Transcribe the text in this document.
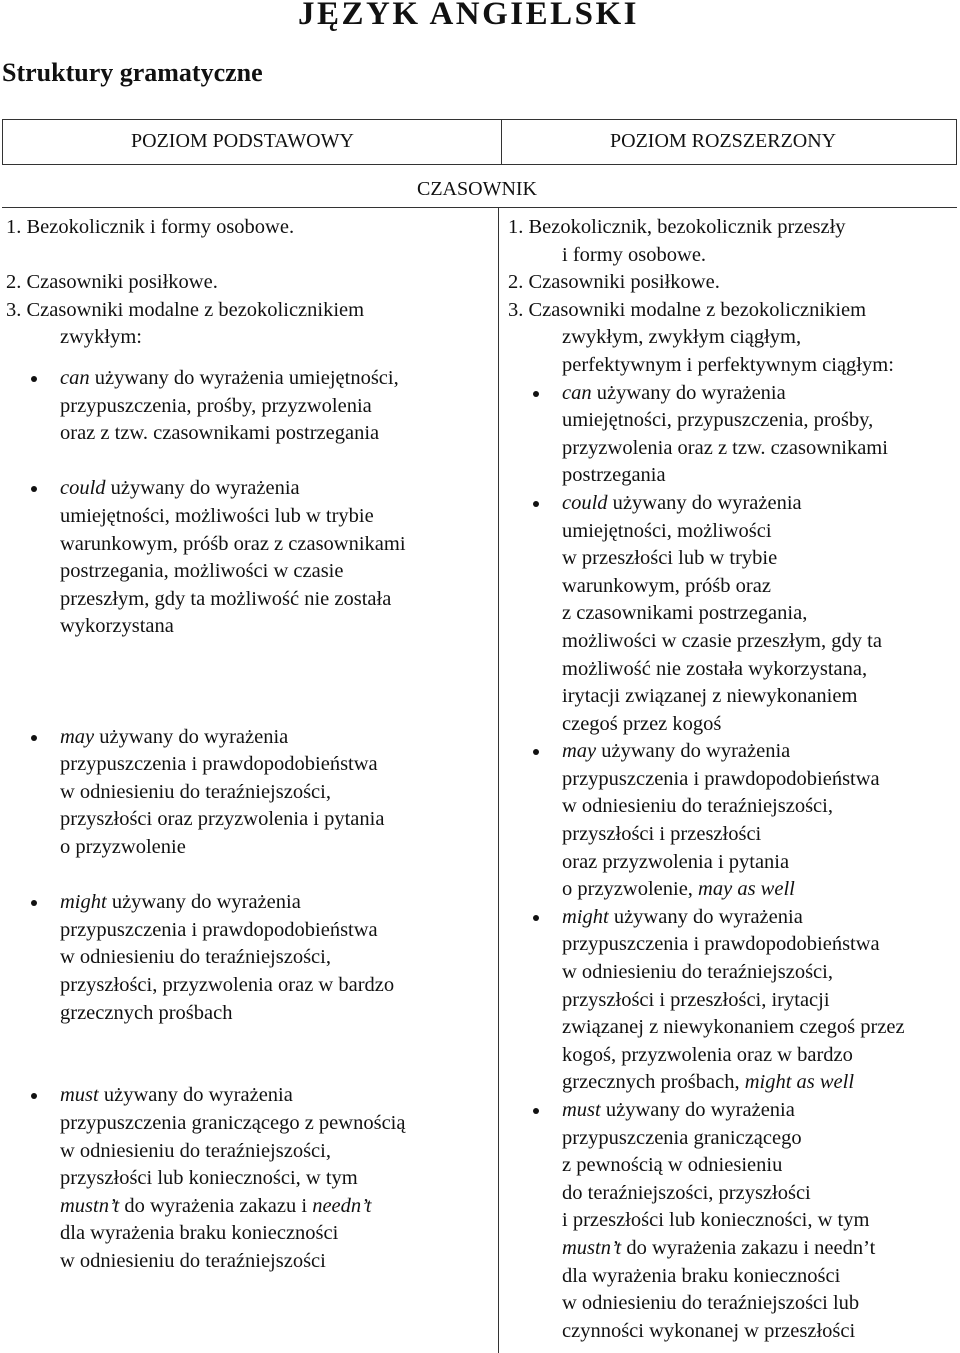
JĘZYK ANGIELSKI
Struktury gramatyczne
POZIOM PODSTAWOWY	POZIOM ROZSZERZONY
CZASOWNIK
1. Bezokolicznik i formy osobowe.
2. Czasowniki posiłkowe.
3. Czasowniki modalne z bezokolicznikiem
zwykłym:
can używany do wyrażenia umiejętności,
przypuszczenia, prośby, przyzwolenia
oraz z tzw. czasownikami postrzegania
could używany do wyrażenia
umiejętności, możliwości lub w trybie
warunkowym, próśb oraz z czasownikami
postrzegania, możliwości w czasie
przeszłym, gdy ta możliwość nie została
wykorzystana
may używany do wyrażenia
przypuszczenia i prawdopodobieństwa
w odniesieniu do teraźniejszości,
przyszłości oraz przyzwolenia i pytania
o przyzwolenie
might używany do wyrażenia
przypuszczenia i prawdopodobieństwa
w odniesieniu do teraźniejszości,
przyszłości, przyzwolenia oraz w bardzo
grzecznych prośbach
must używany do wyrażenia
przypuszczenia graniczącego z pewnością
w odniesieniu do teraźniejszości,
przyszłości lub konieczności, w tym
mustn’t do wyrażenia zakazu i needn’t
dla wyrażenia braku konieczności
w odniesieniu do teraźniejszości
1. Bezokolicznik, bezokolicznik przeszły
i formy osobowe.
2. Czasowniki posiłkowe.
3. Czasowniki modalne z bezokolicznikiem
zwykłym, zwykłym ciągłym,
perfektywnym i perfektywnym ciągłym:
can używany do wyrażenia
umiejętności, przypuszczenia, prośby,
przyzwolenia oraz z tzw. czasownikami
postrzegania
could używany do wyrażenia
umiejętności, możliwości
w przeszłości lub w trybie
warunkowym, próśb oraz
z czasownikami postrzegania,
możliwości w czasie przeszłym, gdy ta
możliwość nie została wykorzystana,
irytacji związanej z niewykonaniem
czegoś przez kogoś
may używany do wyrażenia
przypuszczenia i prawdopodobieństwa
w odniesieniu do teraźniejszości,
przyszłości i przeszłości
oraz przyzwolenia i pytania
o przyzwolenie, may as well
might używany do wyrażenia
przypuszczenia i prawdopodobieństwa
w odniesieniu do teraźniejszości,
przyszłości i przeszłości, irytacji
związanej z niewykonaniem czegoś przez
kogoś, przyzwolenia oraz w bardzo
grzecznych prośbach, might as well
must używany do wyrażenia
przypuszczenia graniczącego
z pewnością w odniesieniu
do teraźniejszości, przyszłości
i przeszłości lub konieczności, w tym
mustn’t do wyrażenia zakazu i needn’t
dla wyrażenia braku konieczności
w odniesieniu do teraźniejszości lub
czynności wykonanej w przeszłości
